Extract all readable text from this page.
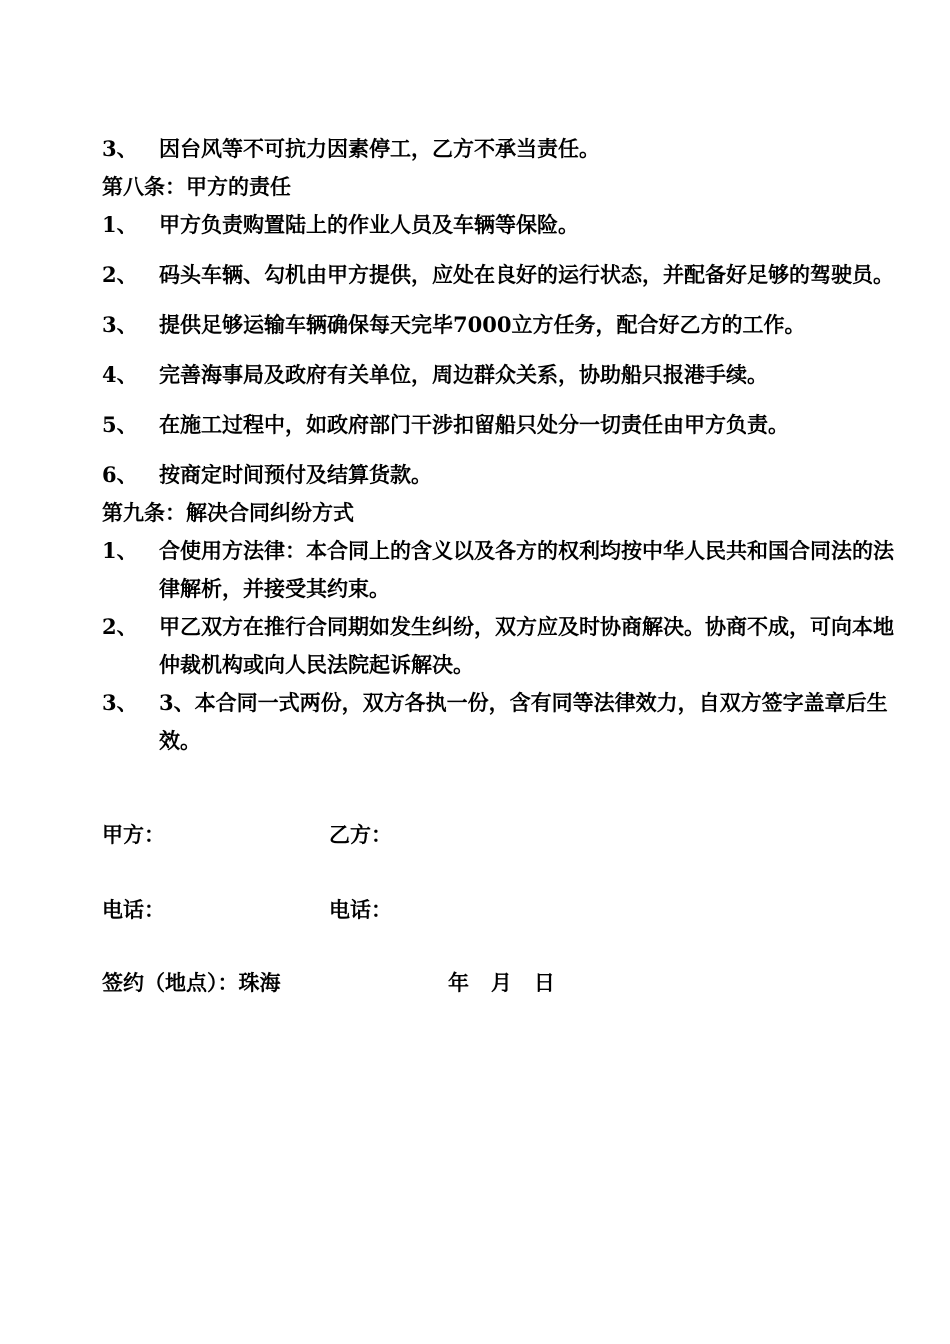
3、 因台风等不可抗力因素停工，乙方不承当责任。
第八条：甲方的责任
1、 甲方负责购置陆上的作业人员及车辆等保险。
2、 码头车辆、勾机由甲方提供，应处在良好的运行状态，并配备好足够的驾驶员。
3、 提供足够运输车辆确保每天完毕7000立方任务，配合好乙方的工作。
4、 完善海事局及政府有关单位，周边群众关系，协助船只报港手续。
5、 在施工过程中，如政府部门干涉扣留船只处分一切责任由甲方负责。
6、 按商定时间预付及结算货款。
第九条：解决合同纠纷方式
1、 合使用方法律：本合同上的含义以及各方的权利均按中华人民共和国合同法的法律解析，并接受其约束。
2、 甲乙双方在推行合同期如发生纠纷，双方应及时协商解决。协商不成，可向本地仲裁机构或向人民法院起诉解决。
3、 3、本合同一式两份，双方各执一份，含有同等法律效力，自双方签字盖章后生效。
甲方：	乙方：
电话：	电话：
签约（地点）：珠海	年   月   日
